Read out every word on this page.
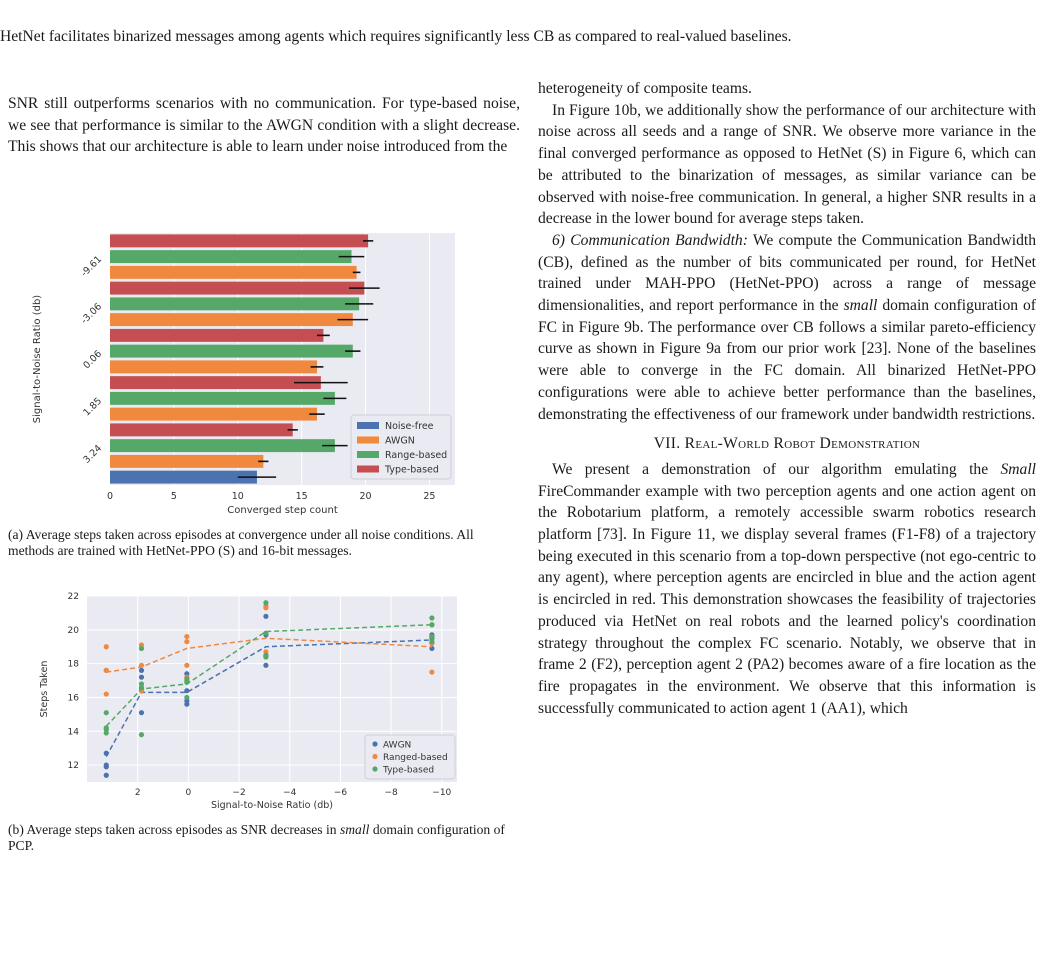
HetNet facilitates binarized messages among agents which requires significantly less CB as compared to real-valued baselines.

SNR still outperforms scenarios with no communication. For type-based noise, we see that performance is similar to the AWGN condition with a slight decrease. This shows that our architecture is able to learn under noise introduced from the

0	5	10	15	20	25
-9.61
-3.06
0.06
1.85
3.24
Converged step count
Signal-to-Noise Ratio (db)
Noise-free
AWGN
Range-based
Type-based
(a) Average steps taken across episodes at convergence under all noise conditions. All methods are trained with HetNet-PPO (S) and 16-bit messages.
2	0	−2	−4	−6	−8	−10
12
14
16
18
20
22
Signal-to-Noise Ratio (db)
Steps Taken
AWGN
Ranged-based
Type-based
(b) Average steps taken across episodes as SNR decreases in small domain configuration of PCP.

heterogeneity of composite teams.

In Figure 10b, we additionally show the performance of our architecture with noise across all seeds and a range of SNR. We observe more variance in the final converged performance as opposed to HetNet (S) in Figure 6, which can be attributed to the binarization of messages, as similar variance can be observed with noise-free communication. In general, a higher SNR results in a decrease in the lower bound for average steps taken.

6) Communication Bandwidth: We compute the Communication Bandwidth (CB), defined as the number of bits communicated per round, for HetNet trained under MAH-PPO (HetNet-PPO) across a range of message dimensionalities, and report performance in the small domain configuration of FC in Figure 9b. The performance over CB follows a similar pareto-efficiency curve as shown in Figure 9a from our prior work [23]. None of the baselines were able to converge in the FC domain. All binarized HetNet-PPO configurations were able to achieve better performance than the baselines, demonstrating the effectiveness of our framework under bandwidth restrictions.

VII. Real-World Robot Demonstration

We present a demonstration of our algorithm emulating the Small FireCommander example with two perception agents and one action agent on the Robotarium platform, a remotely accessible swarm robotics research platform [73]. In Figure 11, we display several frames (F1-F8) of a trajectory being executed in this scenario from a top-down perspective (not ego-centric to any agent), where perception agents are encircled in blue and the action agent is encircled in red. This demonstration showcases the feasibility of trajectories produced via HetNet on real robots and the learned policy's coordination strategy throughout the complex FC scenario. Notably, we observe that in frame 2 (F2), perception agent 2 (PA2) becomes aware of a fire location as the fire propagates in the environment. We observe that this information is successfully communicated to action agent 1 (AA1), which
